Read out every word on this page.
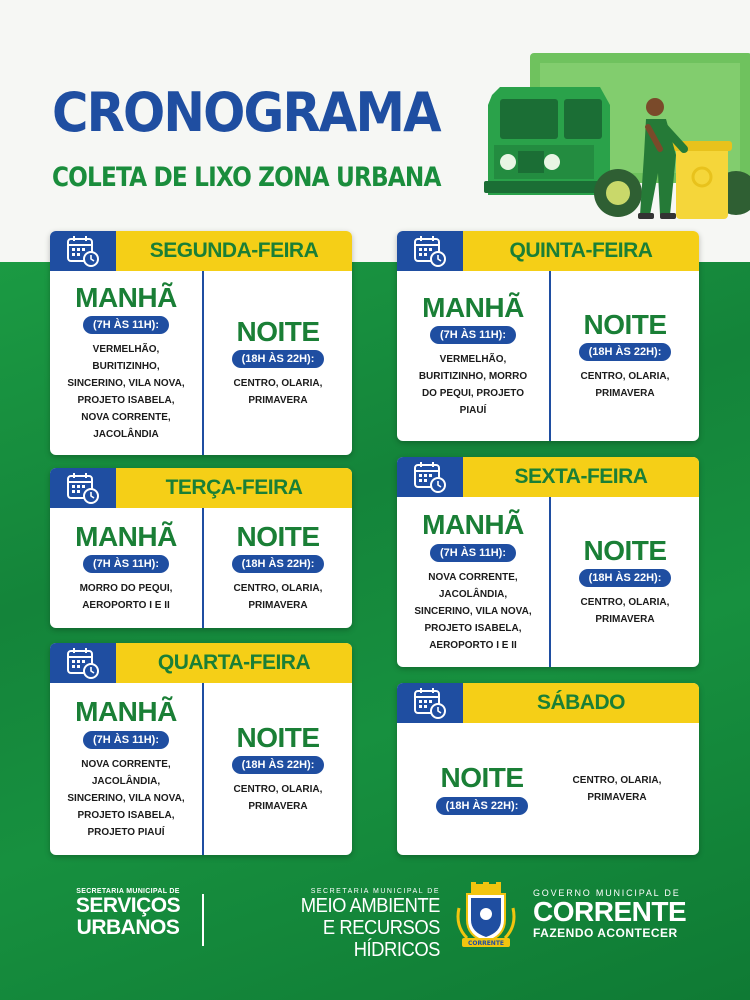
CRONOGRAMA
COLETA DE LIXO ZONA URBANA
SEGUNDA-FEIRA
MANHÃ
(7H ÀS 11H):
VERMELHÃO,
BURITIZINHO,
SINCERINO, VILA NOVA,
PROJETO ISABELA,
NOVA CORRENTE,
JACOLÂNDIA
NOITE
(18H ÀS 22H):
CENTRO, OLARIA,
PRIMAVERA
TERÇA-FEIRA
MANHÃ
(7H ÀS 11H):
MORRO DO PEQUI,
AEROPORTO I E II
NOITE
(18H ÀS 22H):
CENTRO, OLARIA,
PRIMAVERA
QUARTA-FEIRA
MANHÃ
(7H ÀS 11H):
NOVA CORRENTE,
JACOLÂNDIA,
SINCERINO, VILA NOVA,
PROJETO ISABELA,
PROJETO PIAUÍ
NOITE
(18H ÀS 22H):
CENTRO, OLARIA,
PRIMAVERA
QUINTA-FEIRA
MANHÃ
(7H ÀS 11H):
VERMELHÃO,
BURITIZINHO, MORRO
DO PEQUI, PROJETO
PIAUÍ
NOITE
(18H ÀS 22H):
CENTRO, OLARIA,
PRIMAVERA
SEXTA-FEIRA
MANHÃ
(7H ÀS 11H):
NOVA CORRENTE,
JACOLÂNDIA,
SINCERINO, VILA NOVA,
PROJETO ISABELA,
AEROPORTO I E II
NOITE
(18H ÀS 22H):
CENTRO, OLARIA,
PRIMAVERA
SÁBADO
NOITE
(18H ÀS 22H):
CENTRO, OLARIA,
PRIMAVERA
SECRETARIA MUNICIPAL DE
SERVIÇOS
URBANOS
SECRETARIA MUNICIPAL DE
MEIO AMBIENTE
E RECURSOS HÍDRICOS
GOVERNO MUNICIPAL DE
CORRENTE
FAZENDO ACONTECER
CORRENTE
